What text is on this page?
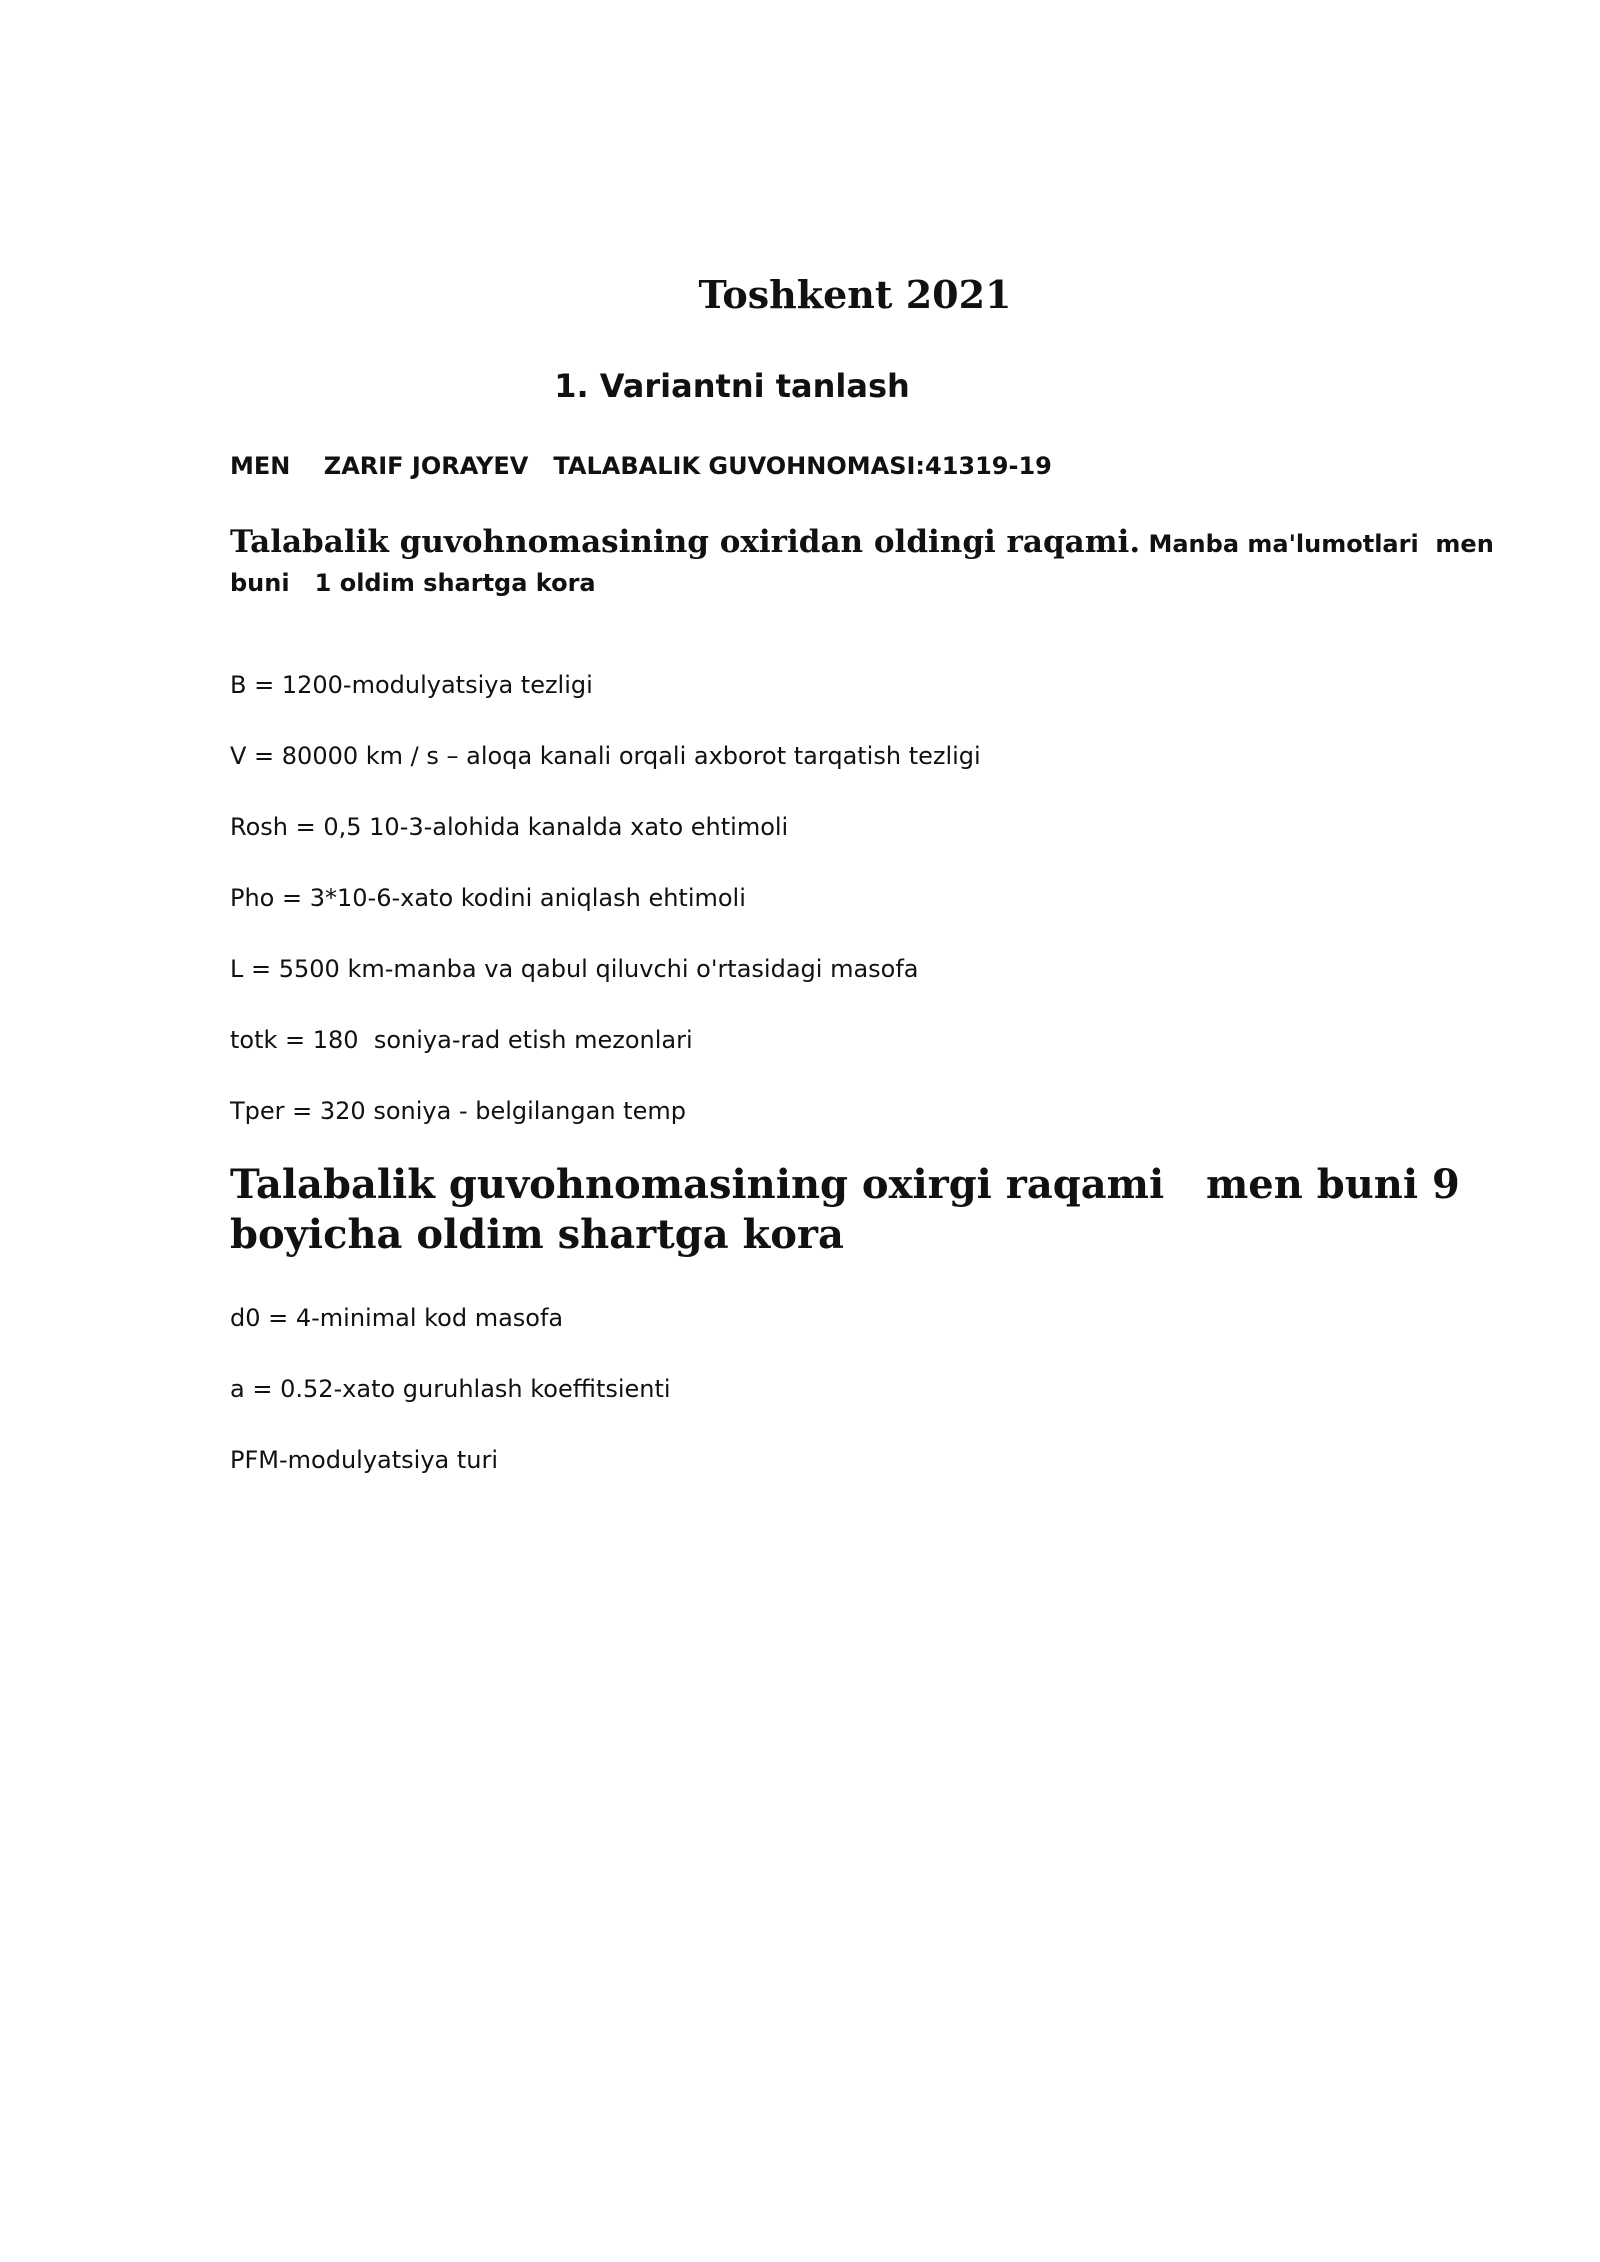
Toshkent 2021
1. Variantni tanlash

MEN    ZARIF JORAYEV   TALABALIK GUVOHNOMASI:41319-19

Talabalik guvohnomasining oxiridan oldingi raqami. Manba ma'lumotlari  men buni   1 oldim shartga kora

B = 1200-modulyatsiya tezligi
V = 80000 km / s – aloqa kanali orqali axborot tarqatish tezligi
Rosh = 0,5 10-3-alohida kanalda xato ehtimoli
Pho = 3*10-6-xato kodini aniqlash ehtimoli
L = 5500 km-manba va qabul qiluvchi o'rtasidagi masofa
totk = 180  soniya-rad etish mezonlari
Tper = 320 soniya - belgilangan temp
Talabalik guvohnomasining oxirgi raqami   men buni 9 boyicha oldim shartga kora
d0 = 4-minimal kod masofa
a = 0.52-xato guruhlash koeffitsienti
PFM-modulyatsiya turi
